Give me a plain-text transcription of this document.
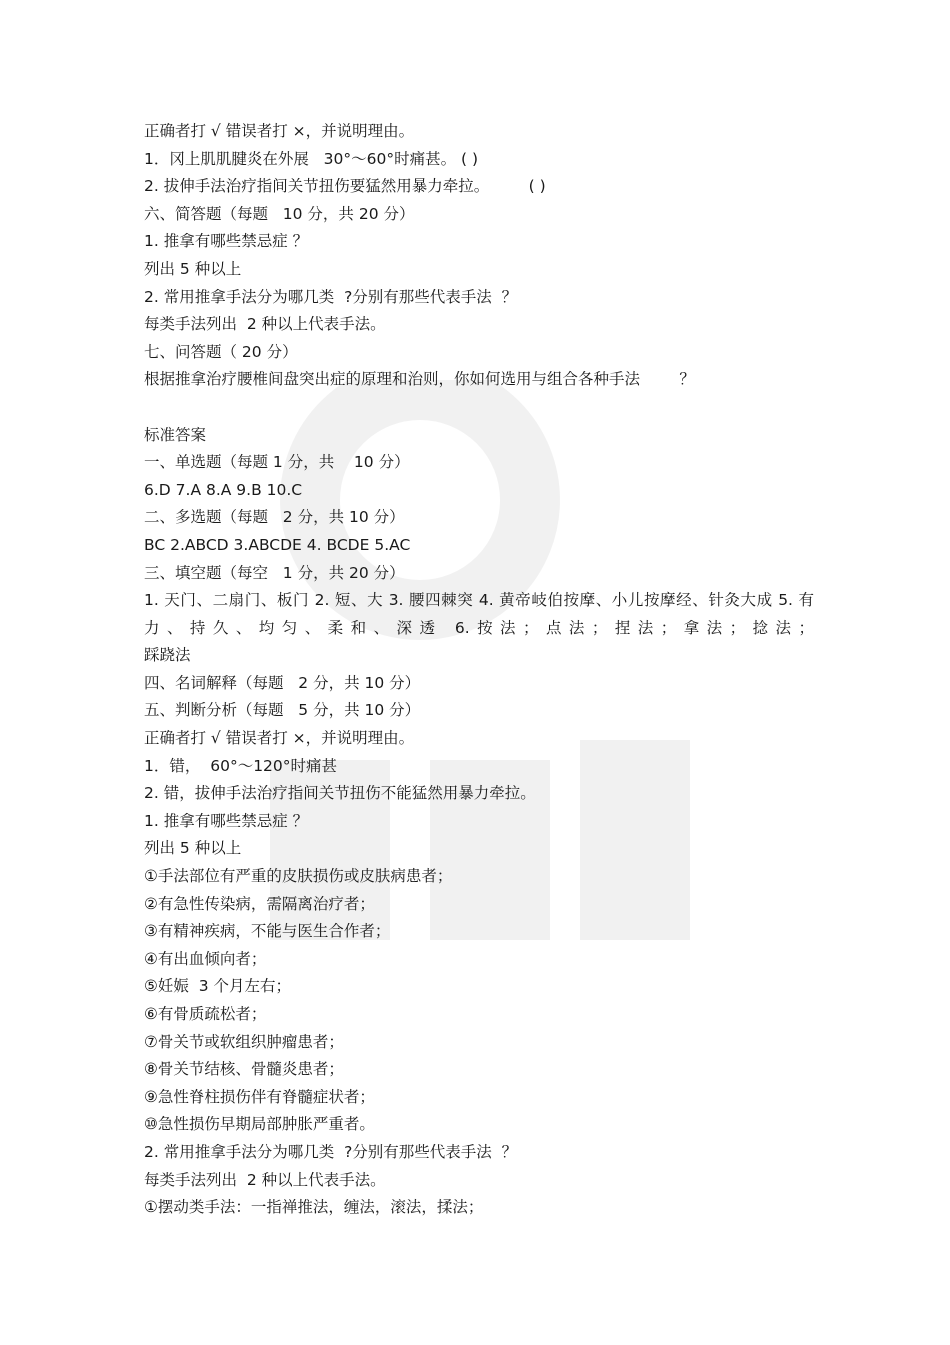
正确者打 √ 错误者打 ×，并说明理由。

1．冈上肌肌腱炎在外展   30°～60°时痛甚。 ( )

2. 拔伸手法治疗指间关节扭伤要猛然用暴力牵拉。        ( )

六、简答题（每题   10 分，共 20 分）

1. 推拿有哪些禁忌症 ？

列出 5 种以上

2. 常用推拿手法分为哪几类  ?分别有那些代表手法  ？

每类手法列出  2 种以上代表手法。

七、问答题（ 20 分）

根据推拿治疗腰椎间盘突出症的原理和治则，你如何选用与组合各种手法        ？

标准答案

一、单选题（每题 1 分，共    10 分）

6.D 7.A 8.A 9.B 10.C

二、多选题（每题   2 分，共 10 分）

BC 2.ABCD 3.ABCDE 4. BCDE 5.AC

三、填空题（每空   1 分，共 20 分）

1. 天门、二扇门、板门 2. 短、大 3. 腰四棘突 4. 黄帝岐伯按摩、小儿按摩经、针灸大成 5. 有力、持久、均匀、柔和、深透 6.按法；点法；捏法；拿法；捻法；

踩跷法

四、名词解释（每题   2 分，共 10 分）

五、判断分析（每题   5 分，共 10 分）

正确者打 √ 错误者打 ×，并说明理由。

1．错，  60°～120°时痛甚

2. 错，拔伸手法治疗指间关节扭伤不能猛然用暴力牵拉。

1. 推拿有哪些禁忌症 ？

列出 5 种以上

①手法部位有严重的皮肤损伤或皮肤病患者；

②有急性传染病，需隔离治疗者；

③有精神疾病，不能与医生合作者；

④有出血倾向者；

⑤妊娠  3 个月左右；

⑥有骨质疏松者；

⑦骨关节或软组织肿瘤患者；

⑧骨关节结核、骨髓炎患者；

⑨急性脊柱损伤伴有脊髓症状者；

⑩急性损伤早期局部肿胀严重者。

2. 常用推拿手法分为哪几类  ?分别有那些代表手法  ？

每类手法列出  2 种以上代表手法。

①摆动类手法：一指禅推法，缠法，滚法，揉法；
